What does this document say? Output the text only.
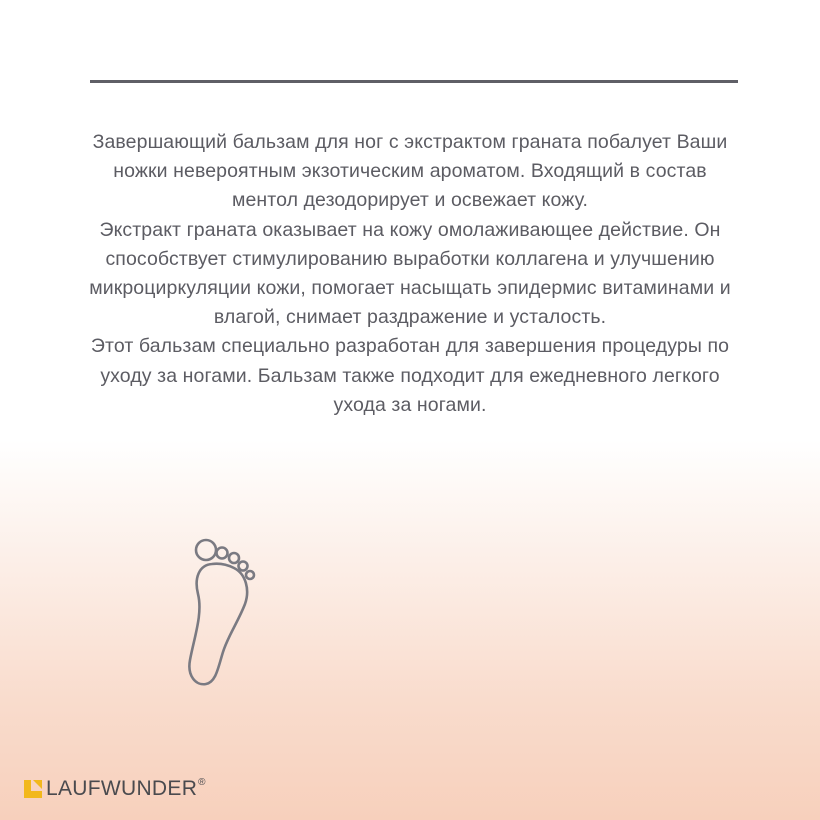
Завершающий бальзам для ног с экстрактом граната побалует Ваши ножки невероятным экзотическим ароматом. Входящий в состав ментол дезодорирует и освежает кожу.

Экстракт граната оказывает на кожу омолаживающее действие. Он способствует стимулированию выработки коллагена и улучшению микроциркуляции кожи, помогает насыщать эпидермис витаминами и влагой, снимает раздражение и усталость.

Этот бальзам специально разработан для завершения процедуры по уходу за ногами. Бальзам также подходит для ежедневного легкого ухода за ногами.

LAUFWUNDER ®
